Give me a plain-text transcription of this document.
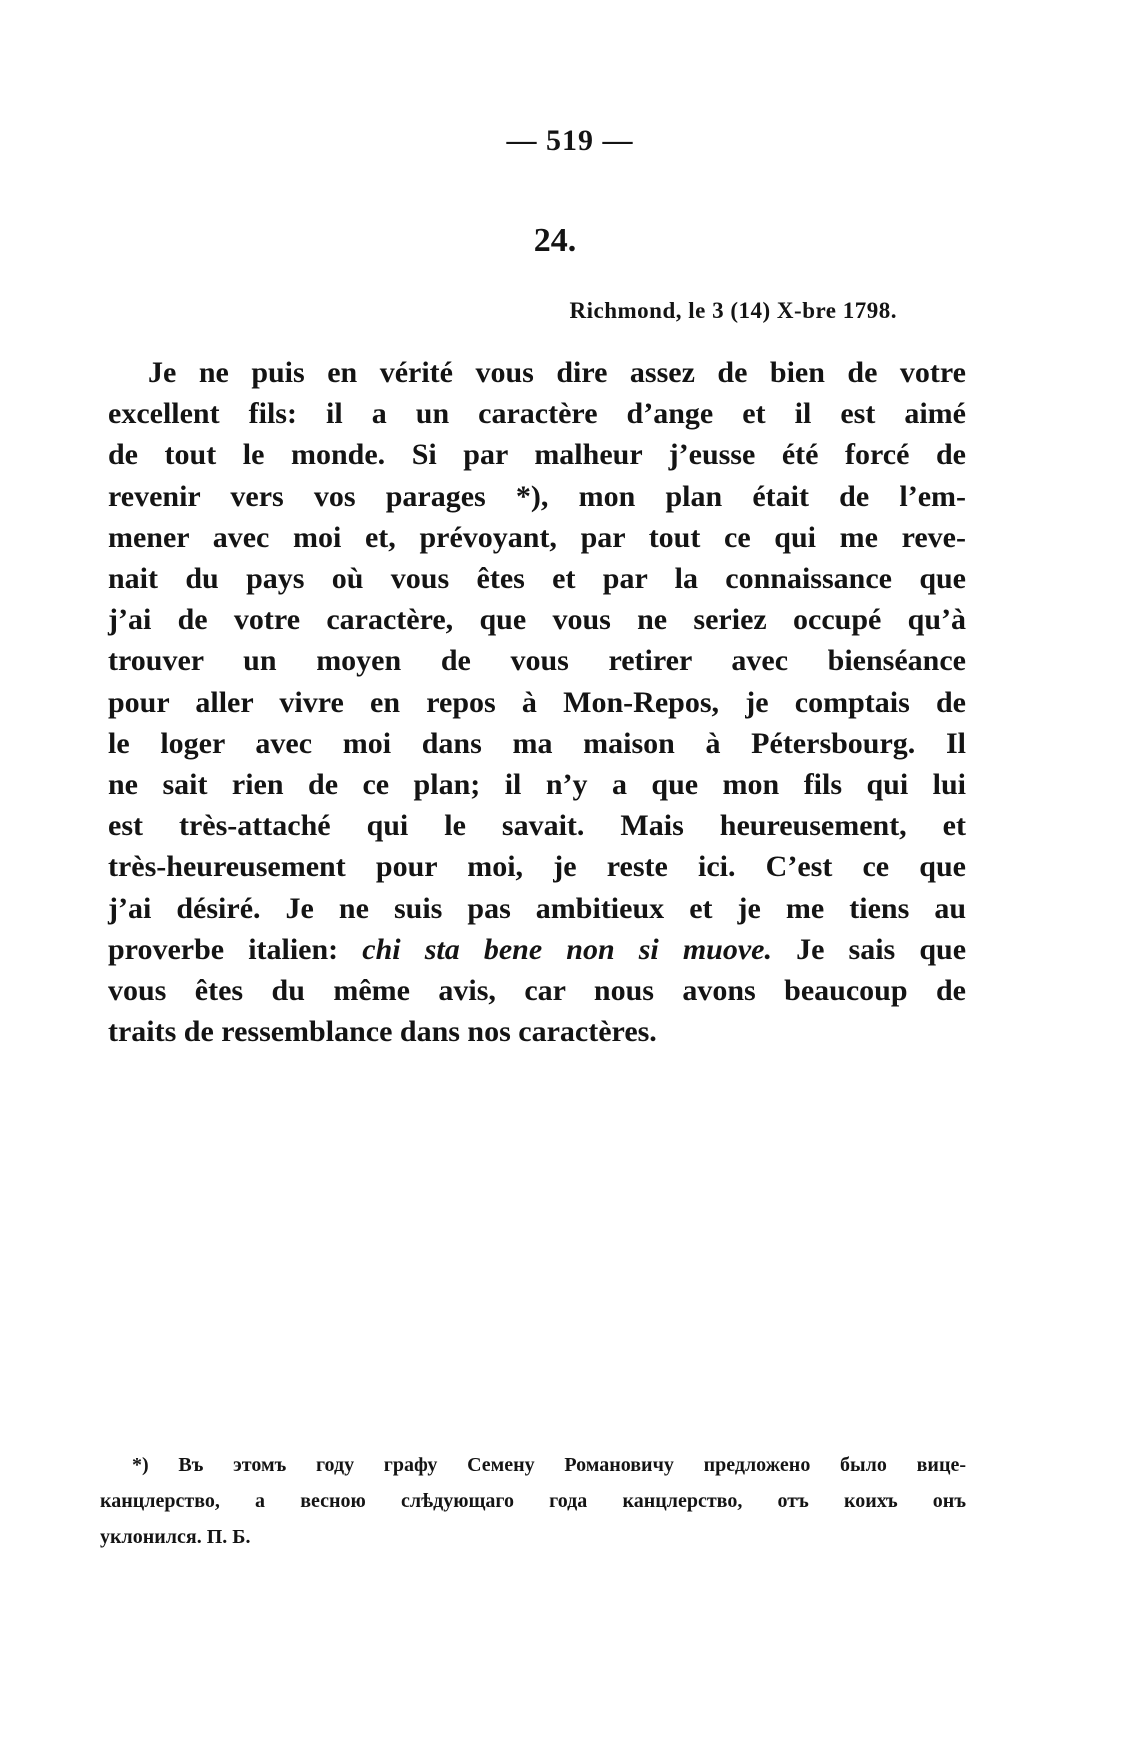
— 519 —
24.
Richmond, le 3 (14) X-bre 1798.
Je ne puis en vérité vous dire assez de bien de votre
excellent fils: il a un caractère d’ange et il est aimé
de tout le monde. Si par malheur j’eusse été forcé de
revenir vers vos parages *), mon plan était de l’em-
mener avec moi et, prévoyant, par tout ce qui me reve-
nait du pays où vous êtes et par la connaissance que
j’ai de votre caractère, que vous ne seriez occupé qu’à
trouver un moyen de vous retirer avec bienséance
pour aller vivre en repos à Mon-Repos, je comptais de
le loger avec moi dans ma maison à Pétersbourg. Il
ne sait rien de ce plan; il n’y a que mon fils qui lui
est très-attaché qui le savait. Mais heureusement, et
très-heureusement pour moi, je reste ici. C’est ce que
j’ai désiré. Je ne suis pas ambitieux et je me tiens au
proverbe italien: chi sta bene non si muove. Je sais que
vous êtes du même avis, car nous avons beaucoup de
traits de ressemblance dans nos caractères.
*) Въ этомъ году графу Семену Романовичу предложено было вице-
канцлерство, а весною слѣдующаго года канцлерство, отъ коихъ онъ
уклонился. П. Б.
